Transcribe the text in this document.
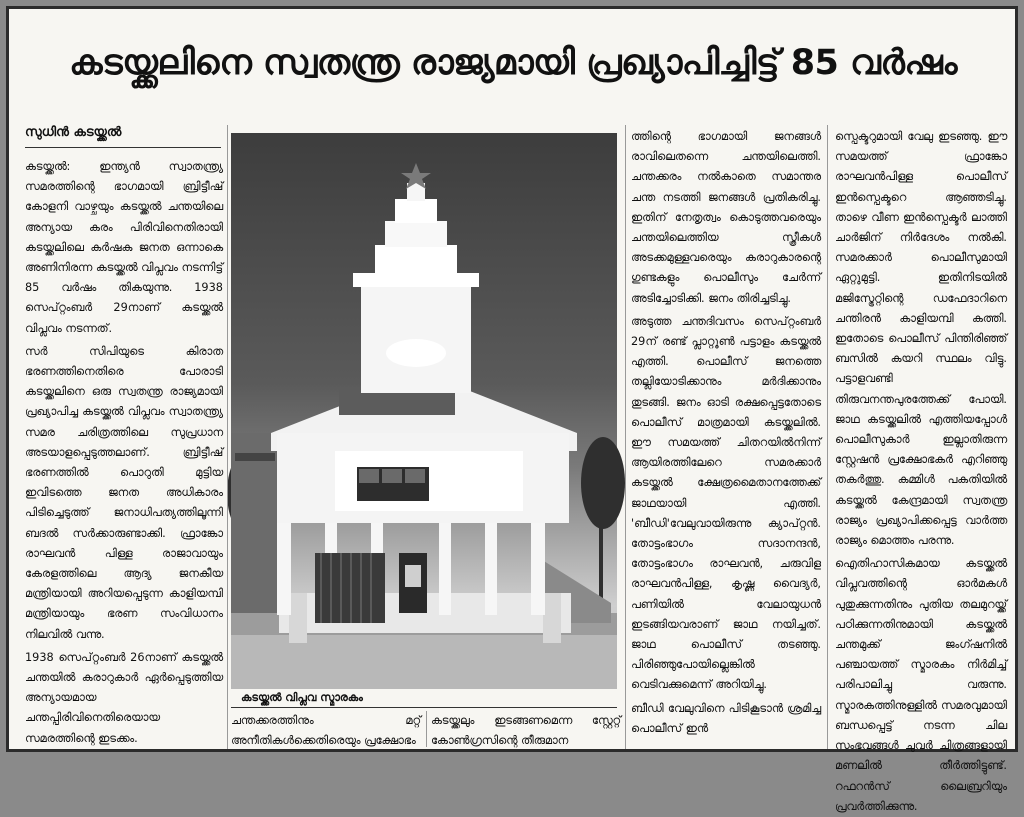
കടയ്ക്കലിനെ സ്വതന്ത്ര രാജ്യമായി പ്രഖ്യാപിച്ചിട്ട് 85 വർഷം
സുധിൻ കടയ്ക്കൽ

കടയ്ക്കൽ: ഇന്ത്യൻ സ്വാതന്ത്ര്യ സമരത്തിന്റെ ഭാഗമായി ബ്രിട്ടീഷ് കോളനി വാഴ്ചയും കടയ്ക്കൽ ചന്തയിലെ അന്യായ കരം പിരിവിനെതിരായി കടയ്ക്കലിലെ കർഷക ജനത ഒന്നാകെ അണിനിരന്ന കടയ്ക്കൽ വിപ്ലവം നടന്നിട്ട് 85 വർഷം തികയുന്നു. 1938 സെപ്റ്റംബർ 29നാണ് കടയ്ക്കൽ വിപ്ലവം നടന്നത്.

സർ സിപിയുടെ കിരാത ഭരണത്തിനെതിരെ പോരാടി കടയ്ക്കലിനെ ഒരു സ്വതന്ത്ര രാജ്യമായി പ്രഖ്യാപിച്ച കടയ്ക്കൽ വിപ്ലവം സ്വാതന്ത്ര്യ സമര ചരിത്രത്തിലെ സുപ്രധാന അടയാളപ്പെടുത്തലാണ്. ബ്രിട്ടീഷ് ഭരണത്തിൽ പൊറുതി മുട്ടിയ ഇവിടത്തെ ജനത അധികാരം പിടിച്ചെടുത്ത് ജനാധിപത്യത്തിലൂന്നി ബദൽ സർക്കാരുണ്ടാക്കി. ഫ്രാങ്കോ രാഘവൻ പിള്ള രാജാവായും കേരളത്തിലെ ആദ്യ ജനകീയ മന്ത്രിയായി അറിയപ്പെടുന്ന കാളിയമ്പി മന്ത്രിയായും ഭരണ സംവിധാനം നിലവിൽ വന്നു.

1938 സെപ്റ്റംബർ 26നാണ് കടയ്ക്കൽ ചന്തയിൽ കരാറുകാർ ഏർപ്പെടുത്തിയ അന്യായമായ ചന്തപ്പിരിവിനെതിരെയായ സമരത്തിന്റെ ഇടക്കം.

കടയ്ക്കൽ വിപ്ലവ സ്മാരകം

ചന്തക്കരത്തിനും മറ്റ് അനീതികൾക്കെതിരെയും പ്രക്ഷോഭം

കടയ്ക്കലും ഇടങ്ങണമെന്ന സ്റ്റേറ്റ് കോൺഗ്രസിന്റെ തീരുമാന

ത്തിന്റെ ഭാഗമായി ജനങ്ങൾ രാവിലെതന്നെ ചന്തയിലെത്തി. ചന്തക്കരം നൽകാതെ സമാന്തര ചന്ത നടത്തി ജനങ്ങൾ പ്രതികരിച്ചു. ഇതിന് നേതൃത്വം കൊടുത്തവരെയും ചന്തയിലെത്തിയ സ്ത്രീകൾ അടക്കമുള്ളവരെയും കരാറുകാരന്റെ ഗുണ്ടകളും പൊലീസും ചേർന്ന് അടിച്ചോടിക്കി. ജനം തിരിച്ചടിച്ചു.

അടുത്ത ചന്തദിവസം സെപ്റ്റംബർ 29ന് രണ്ട് പ്ലാറ്റൂൺ പട്ടാളം കടയ്ക്കൽ എത്തി. പൊലീസ് ജനത്തെ തല്ലിയോടിക്കാനും മർദിക്കാനും തുടങ്ങി. ജനം ഓടി രക്ഷപ്പെട്ടതോടെ പൊലീസ് മാത്രമായി കടയ്ക്കലിൽ. ഈ സമയത്ത് ചിതറയിൽനിന്ന് ആയിരത്തിലേറെ സമരക്കാർ കടയ്ക്കൽ ക്ഷേത്രമൈതാനത്തേക്ക് ജാഥയായി എത്തി. 'ബീഡി'വേലുവായിരുന്നു ക്യാപ്റ്റൻ. തോട്ടംഭാഗം സദാനന്ദൻ, തോട്ടംഭാഗം രാഘവൻ, ചരുവിള രാഘവൻപിള്ള, കൃഷ്ണ വൈദ്യർ, പണിയിൽ വേലായുധൻ ഇടങ്ങിയവരാണ് ജാഥ നയിച്ചത്. ജാഥ പൊലീസ് തടഞ്ഞു. പിരിഞ്ഞുപോയില്ലെങ്കിൽ വെടിവക്കുമെന്ന് അറിയിച്ചു.

ബീഡി വേലുവിനെ പിടികൂടാൻ ശ്രമിച്ച പൊലീസ് ഇൻ

സ്പെക്ടറുമായി വേലു ഇടഞ്ഞു. ഈ സമയത്ത് ഫ്രാങ്കോ രാഘവൻപിള്ള പൊലീസ് ഇൻസ്പെക്ടറെ ആഞ്ഞടിച്ചു. താഴെ വീണ ഇൻസ്പെക്ടർ ലാത്തി ചാർജിന് നിർദേശം നൽകി. സമരക്കാർ പൊലീസുമായി ഏറ്റുമുട്ടി. ഇതിനിടയിൽ മജിസ്ട്രേറ്റിന്റെ ഡഫേദാറിനെ ചന്തിരൻ കാളിയമ്പി കത്തി. ഇതോടെ പൊലീസ് പിന്തിരിഞ്ഞ് ബസിൽ കയറി സ്ഥലം വിട്ടു. പട്ടാളവണ്ടി തിരുവനന്തപുരത്തേക്ക് പോയി. ജാഥ കടയ്ക്കലിൽ എത്തിയപ്പോൾ പൊലീസുകാർ ഇല്ലാതിരുന്ന സ്റ്റേഷൻ പ്രക്ഷോഭകർ എറിഞ്ഞു തകർത്തു. കമ്മിൾ പകതിയിൽ കടയ്ക്കൽ കേന്ദ്രമായി സ്വതന്ത്ര രാജ്യം പ്രഖ്യാപിക്കപ്പെട്ട വാർത്ത രാജ്യം മൊത്തം പരന്നു.

ഐതിഹാസികമായ കടയ്ക്കൽ വിപ്ലവത്തിന്റെ ഓർമകൾ പുതുക്കുന്നതിനും പുതിയ തലമുറയ്ക്ക് പഠിക്കുന്നതിനുമായി കടയ്ക്കൽ ചന്തമുക്ക് ജംഗ്ഷനിൽ പഞ്ചായത്ത് സ്മാരകം നിർമിച്ച് പരിപാലിച്ചു വരുന്നു. സ്മാരകത്തിനുള്ളിൽ സമരവുമായി ബന്ധപ്പെട്ട് നടന്ന ചില സംഭവങ്ങൾ ചുവർ ചിത്രങ്ങളായി മണലിൽ തീർത്തിട്ടുണ്ട്. റഫറൻസ് ലൈബ്രറിയും പ്രവർത്തിക്കുന്നു.
